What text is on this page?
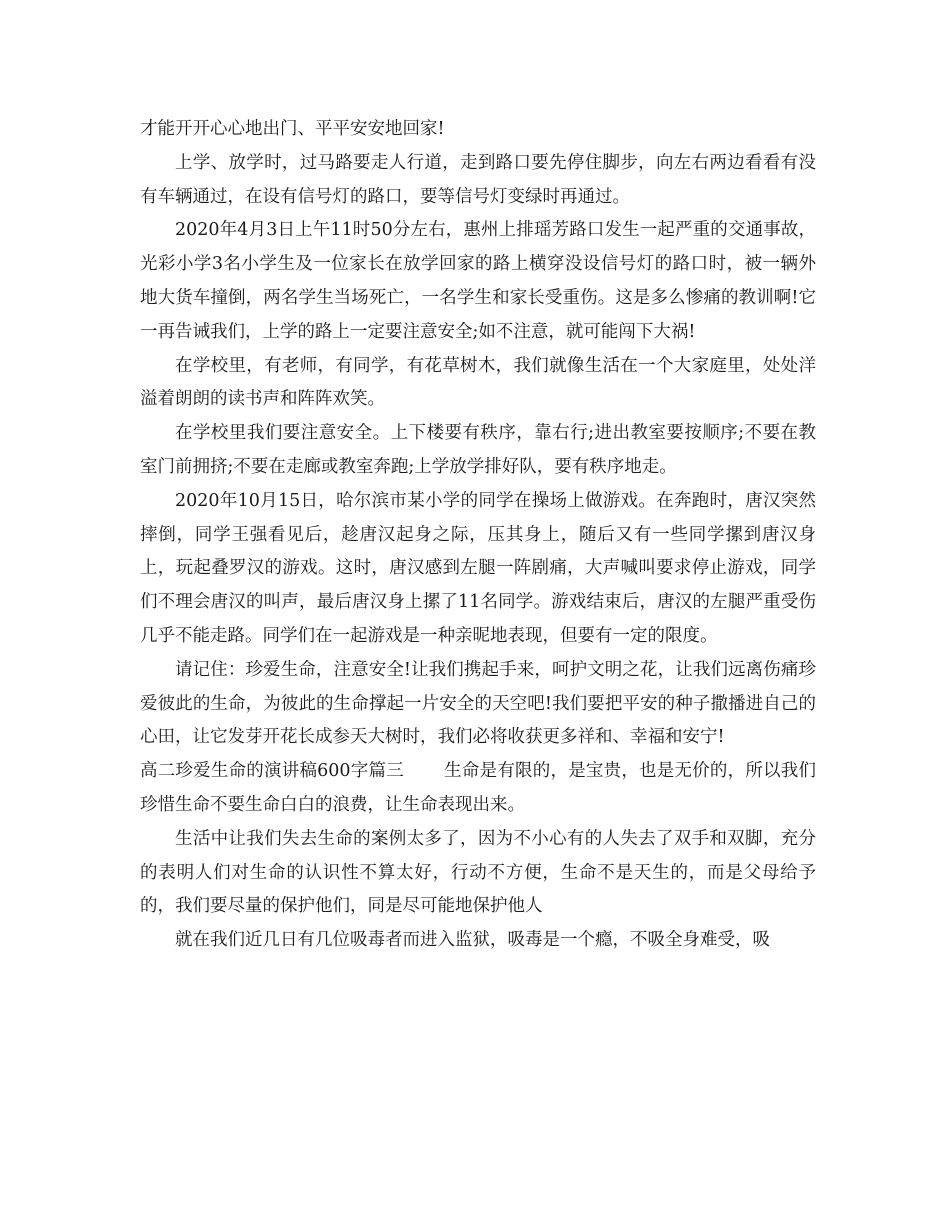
才能开开心心地出门、平平安安地回家!

上学、放学时，过马路要走人行道，走到路口要先停住脚步，向左右两边看看有没有车辆通过，在设有信号灯的路口，要等信号灯变绿时再通过。

2020年4月3日上午11时50分左右，惠州上排瑶芳路口发生一起严重的交通事故，光彩小学3名小学生及一位家长在放学回家的路上横穿没设信号灯的路口时，被一辆外地大货车撞倒，两名学生当场死亡，一名学生和家长受重伤。这是多么惨痛的教训啊!它一再告诫我们，上学的路上一定要注意安全;如不注意，就可能闯下大祸!

在学校里，有老师，有同学，有花草树木，我们就像生活在一个大家庭里，处处洋溢着朗朗的读书声和阵阵欢笑。

在学校里我们要注意安全。上下楼要有秩序，靠右行;进出教室要按顺序;不要在教室门前拥挤;不要在走廊或教室奔跑;上学放学排好队，要有秩序地走。

2020年10月15日，哈尔滨市某小学的同学在操场上做游戏。在奔跑时，唐汉突然摔倒，同学王强看见后，趁唐汉起身之际，压其身上，随后又有一些同学摞到唐汉身上，玩起叠罗汉的游戏。这时，唐汉感到左腿一阵剧痛，大声喊叫要求停止游戏，同学们不理会唐汉的叫声，最后唐汉身上摞了11名同学。游戏结束后，唐汉的左腿严重受伤几乎不能走路。同学们在一起游戏是一种亲昵地表现，但要有一定的限度。

请记住：珍爱生命，注意安全!让我们携起手来，呵护文明之花，让我们远离伤痛珍爱彼此的生命，为彼此的生命撑起一片安全的天空吧!我们要把平安的种子撒播进自己的心田，让它发芽开花长成参天大树时，我们必将收获更多祥和、幸福和安宁!

高二珍爱生命的演讲稿600字篇三 生命是有限的，是宝贵，也是无价的，所以我们珍惜生命不要生命白白的浪费，让生命表现出来。

生活中让我们失去生命的案例太多了，因为不小心有的人失去了双手和双脚，充分的表明人们对生命的认识性不算太好，行动不方便，生命不是天生的，而是父母给予的，我们要尽量的保护他们，同是尽可能地保护他人

就在我们近几日有几位吸毒者而进入监狱，吸毒是一个瘾，不吸全身难受，吸
